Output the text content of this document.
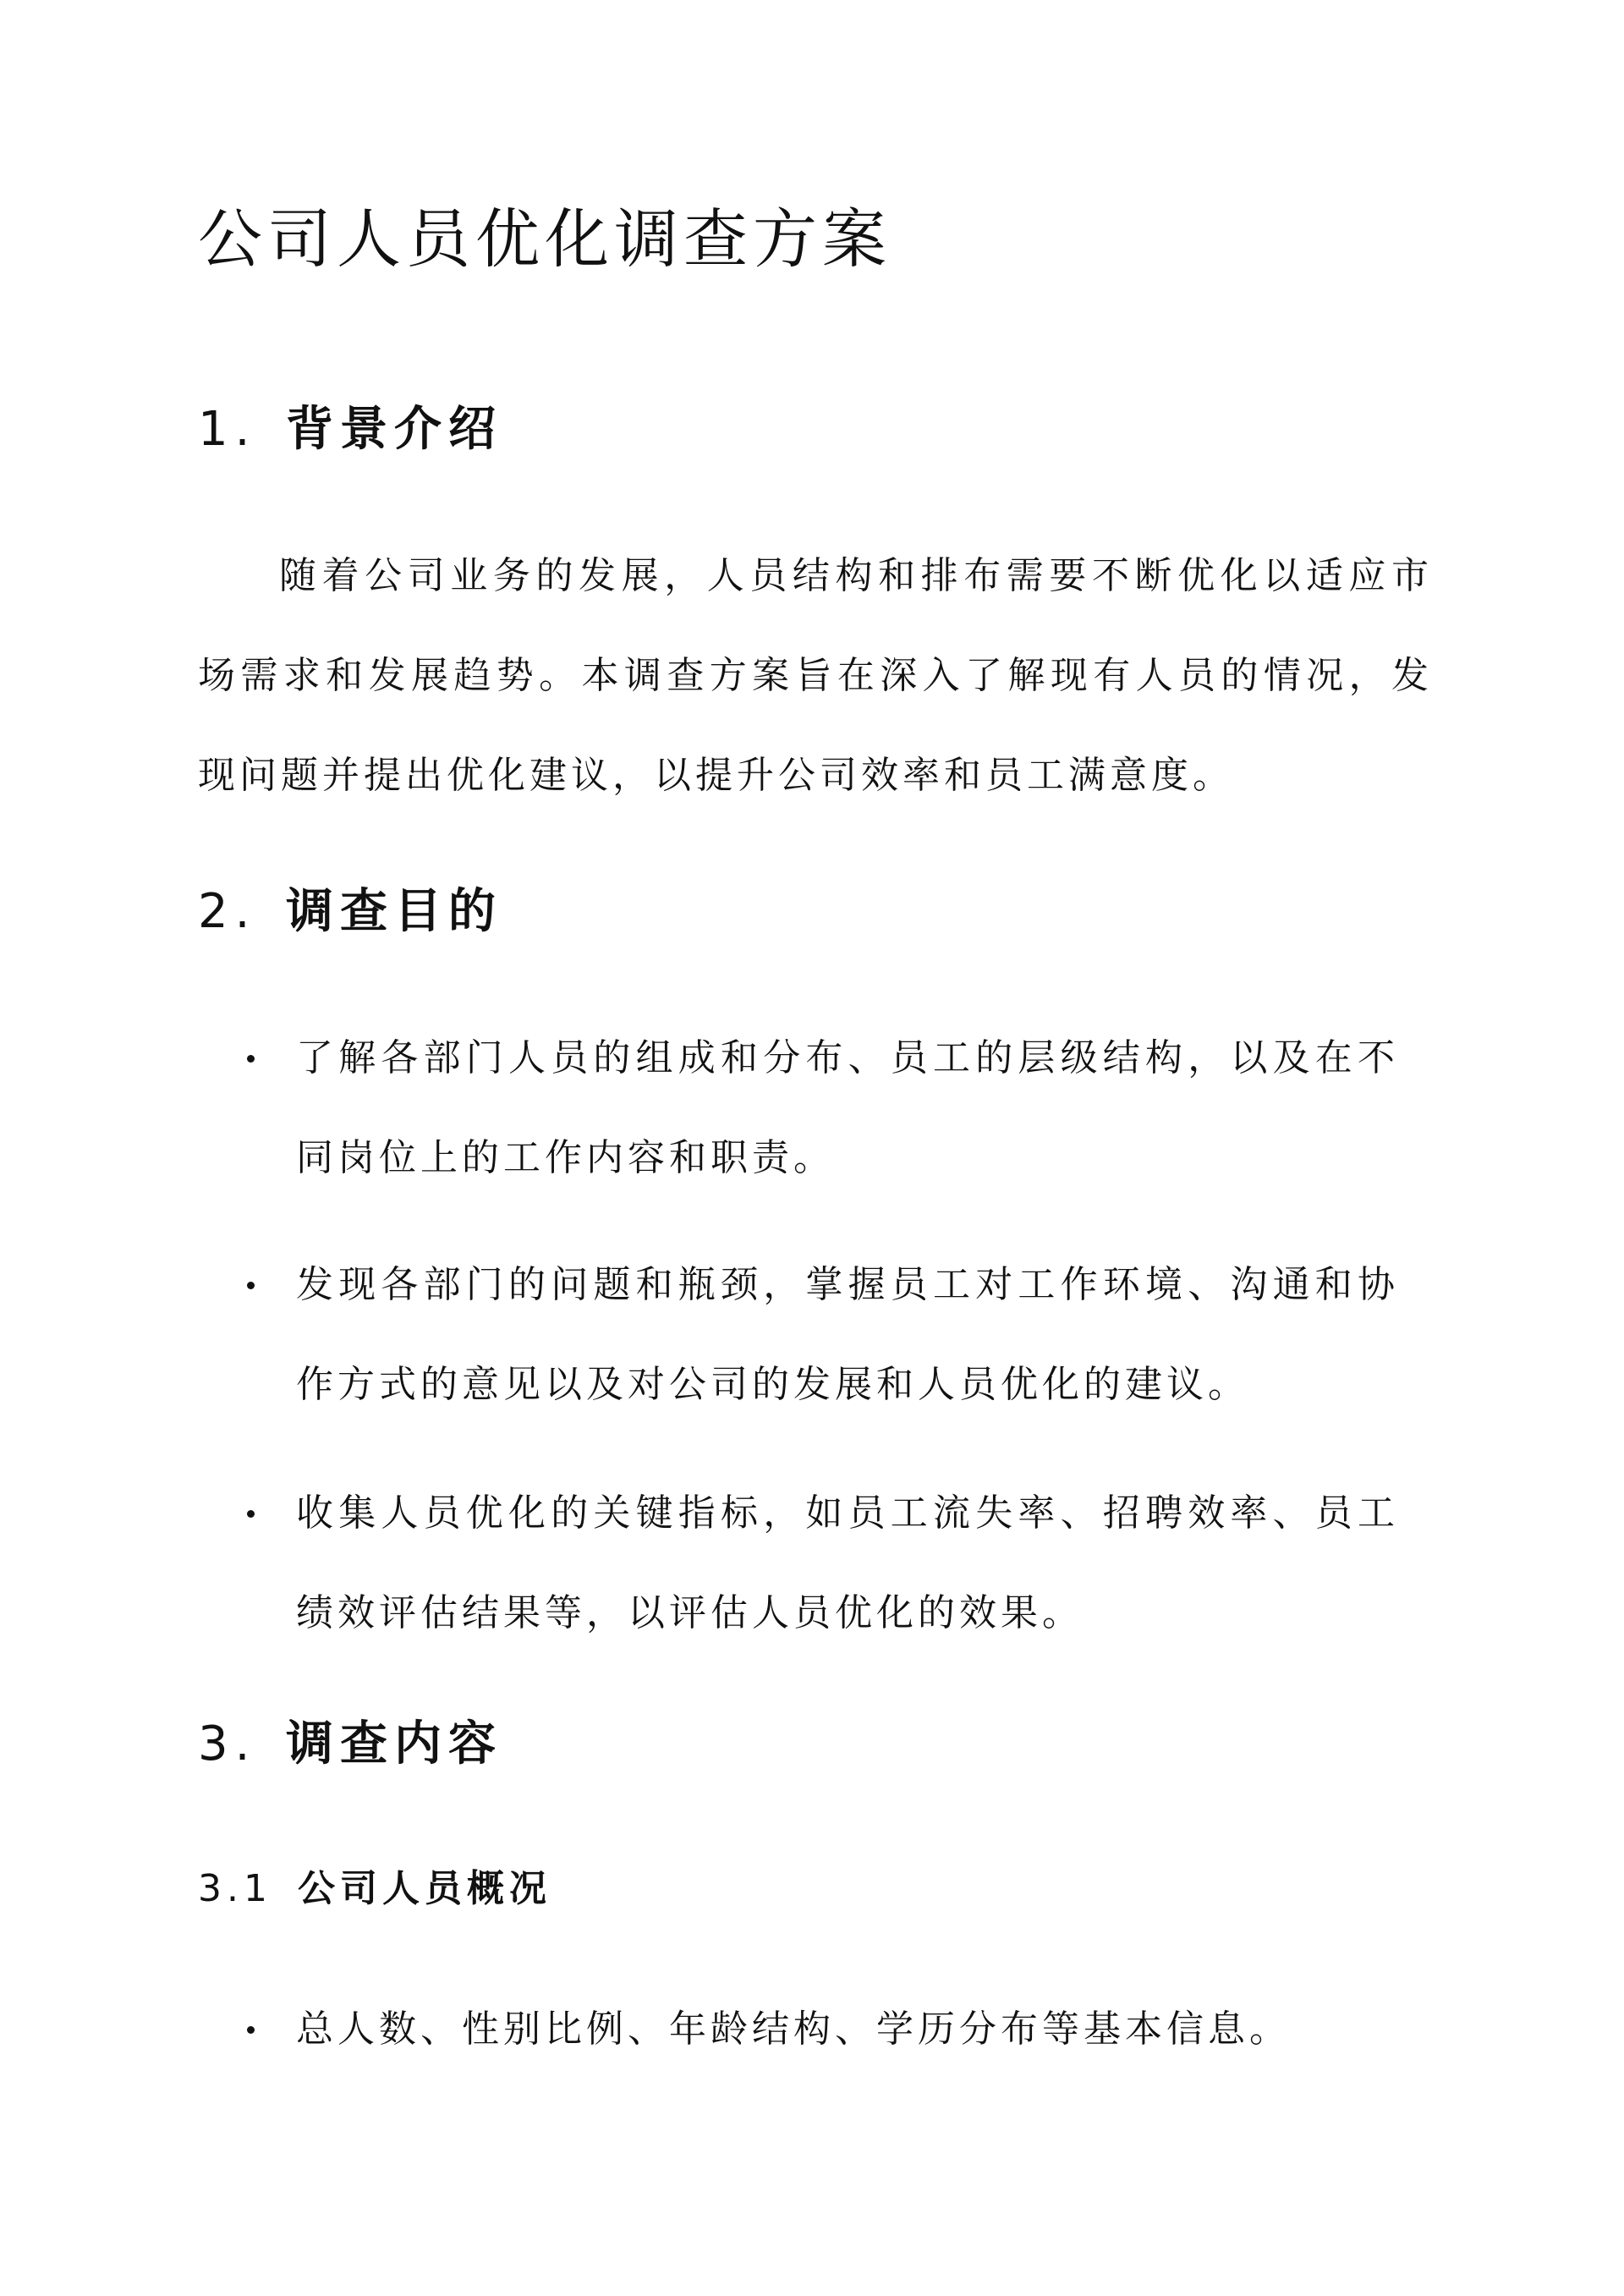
公司人员优化调查方案
1. 背景介绍

随着公司业务的发展，人员结构和排布需要不断优化以适应市场需求和发展趋势。本调查方案旨在深入了解现有人员的情况，发现问题并提出优化建议，以提升公司效率和员工满意度。

2. 调查目的
了解各部门人员的组成和分布、员工的层级结构，以及在不同岗位上的工作内容和职责。
发现各部门的问题和瓶颈，掌握员工对工作环境、沟通和协作方式的意见以及对公司的发展和人员优化的建议。
收集人员优化的关键指标，如员工流失率、招聘效率、员工绩效评估结果等，以评估人员优化的效果。
3. 调查内容
3.1 公司人员概况
总人数、性别比例、年龄结构、学历分布等基本信息。
